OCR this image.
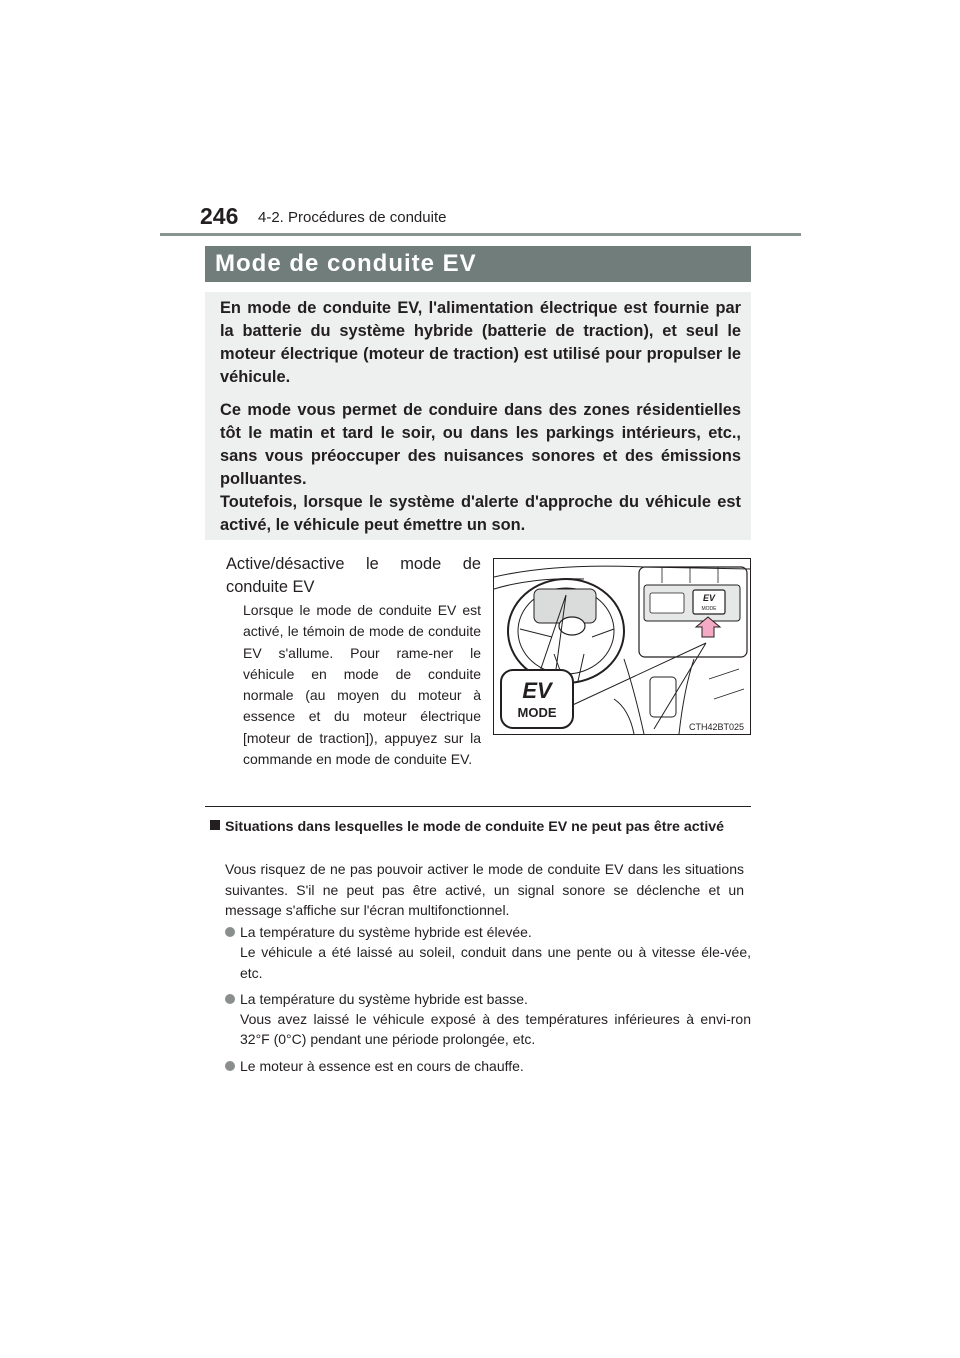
246 4-2. Procédures de conduite
Mode de conduite EV

En mode de conduite EV, l'alimentation électrique est fournie par la batterie du système hybride (batterie de traction), et seul le moteur électrique (moteur de traction) est utilisé pour propulser le véhicule.

Ce mode vous permet de conduire dans des zones résidentielles tôt le matin et tard le soir, ou dans les parkings intérieurs, etc., sans vous préoccuper des nuisances sonores et des émissions polluantes.

Toutefois, lorsque le système d'alerte d'approche du véhicule est activé, le véhicule peut émettre un son.

Active/désactive le mode de conduite EV
Lorsque le mode de conduite EV est activé, le témoin de mode de conduite EV s'allume. Pour rame-ner le véhicule en mode de conduite normale (au moyen du moteur à essence et du moteur électrique [moteur de traction]), appuyez sur la commande en mode de conduite EV.
EV
MODE
EV
MODE
CTH42BT025
Situations dans lesquelles le mode de conduite EV ne peut pas être activé
Vous risquez de ne pas pouvoir activer le mode de conduite EV dans les situations suivantes. S'il ne peut pas être activé, un signal sonore se déclenche et un message s'affiche sur l'écran multifonctionnel.
La température du système hybride est élevée.
Le véhicule a été laissé au soleil, conduit dans une pente ou à vitesse éle-vée, etc.
La température du système hybride est basse.
Vous avez laissé le véhicule exposé à des températures inférieures à envi-ron 32°F (0°C) pendant une période prolongée, etc.
Le moteur à essence est en cours de chauffe.
